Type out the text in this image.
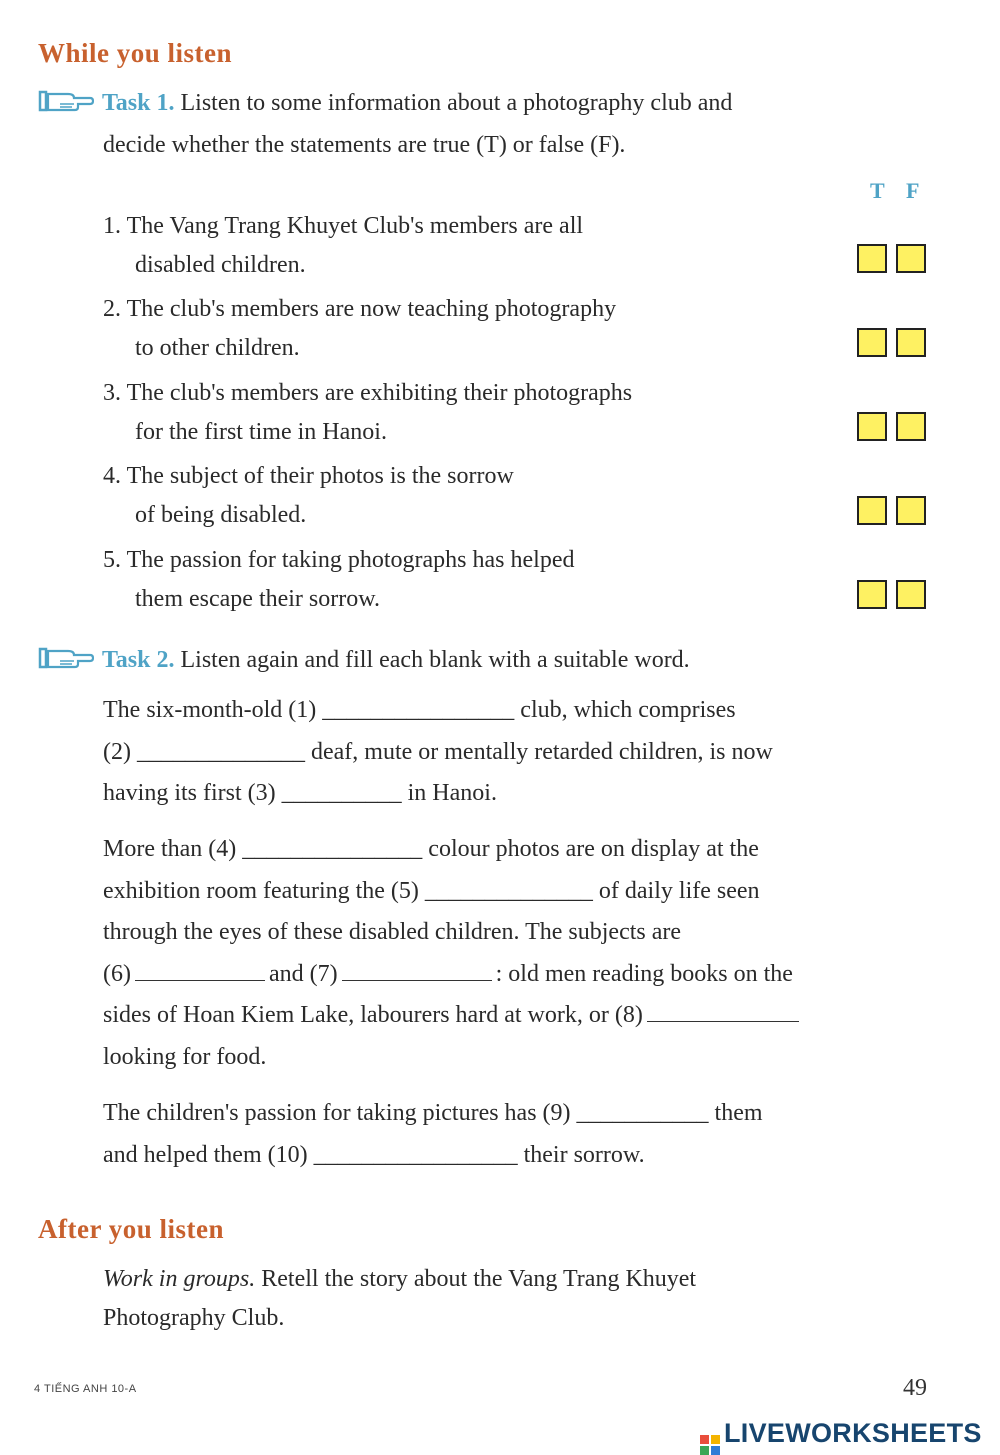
While you listen
Task 1. Listen to some information about a photography club and
decide whether the statements are true (T) or false (F).
T F
1. The Vang Trang Khuyet Club's members are all
disabled children.
2. The club's members are now teaching photography
to other children.
3. The club's members are exhibiting their photographs
for the first time in Hanoi.
4. The subject of their photos is the sorrow
of being disabled.
5. The passion for taking photographs has helped
them escape their sorrow.
Task 2. Listen again and fill each blank with a suitable word.

The six-month-old (1) ________________ club, which comprises

(2) ______________ deaf, mute or mentally retarded children, is now

having its first (3) __________ in Hanoi.

More than (4) _______________ colour photos are on display at the

exhibition room featuring the (5) ______________ of daily life seen

through the eyes of these disabled children. The subjects are

(6)	and (7)	: old men reading books on the

sides of Hoan Kiem Lake, labourers hard at work, or (8)

looking for food.

The children's passion for taking pictures has (9) ___________ them

and helped them (10) _________________ their sorrow.

After you listen

Work in groups. Retell the story about the Vang Trang Khuyet

Photography Club.

4 TIẾNG ANH 10-A	49
LIVEWORKSHEETS
